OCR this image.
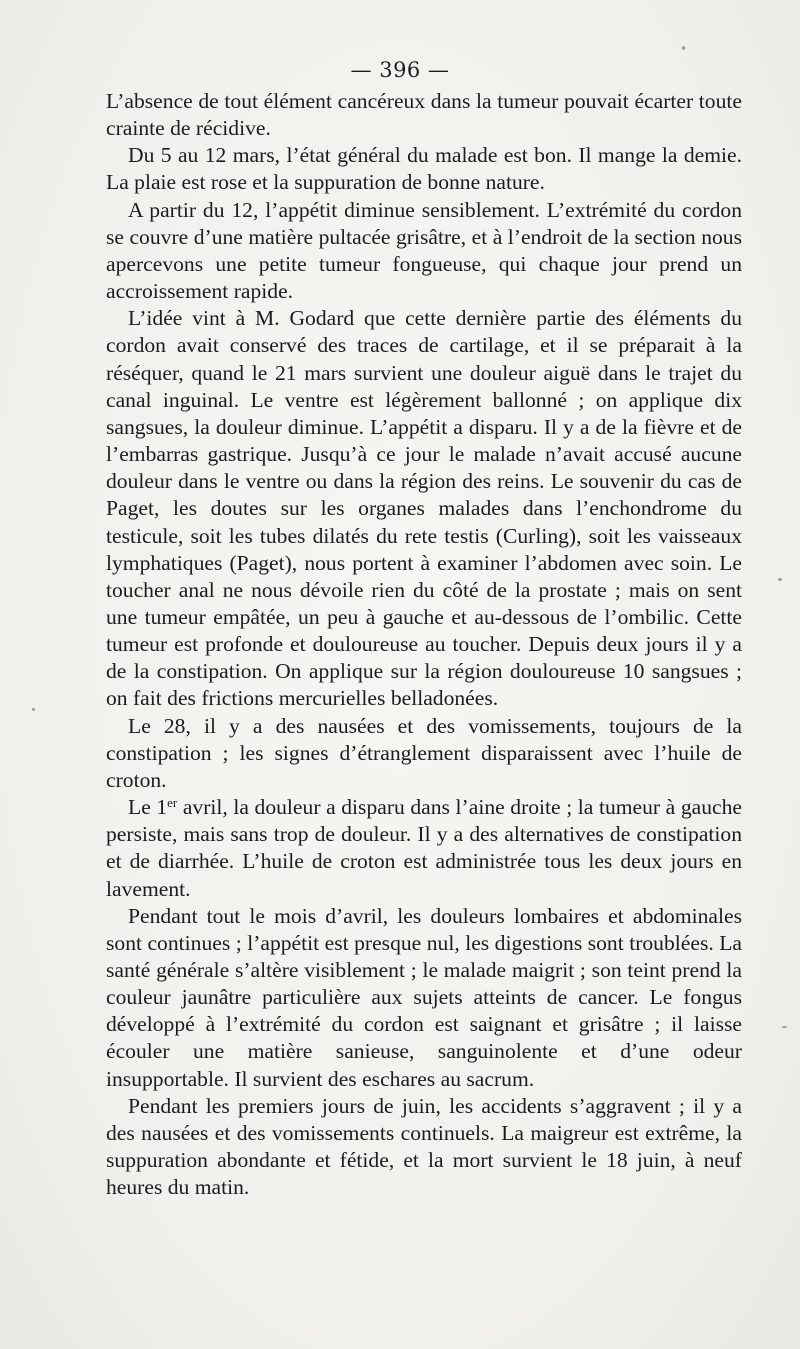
— 396 —

L’absence de tout élément cancéreux dans la tumeur pouvait écarter toute crainte de récidive.

Du 5 au 12 mars, l’état général du malade est bon. Il mange la demie. La plaie est rose et la suppuration de bonne nature.

A partir du 12, l’appétit diminue sensiblement. L’extrémité du cordon se couvre d’une matière pultacée grisâtre, et à l’endroit de la section nous apercevons une petite tumeur fongueuse, qui chaque jour prend un accroissement rapide.

L’idée vint à M. Godard que cette dernière partie des éléments du cordon avait conservé des traces de cartilage, et il se préparait à la réséquer, quand le 21 mars survient une douleur aiguë dans le trajet du canal inguinal. Le ventre est légèrement ballonné ; on applique dix sangsues, la douleur diminue. L’appétit a disparu. Il y a de la fièvre et de l’embarras gastrique. Jusqu’à ce jour le malade n’avait accusé aucune douleur dans le ventre ou dans la région des reins. Le souvenir du cas de Paget, les doutes sur les organes malades dans l’enchondrome du testicule, soit les tubes dilatés du rete testis (Curling), soit les vaisseaux lymphatiques (Paget), nous portent à examiner l’abdomen avec soin. Le toucher anal ne nous dévoile rien du côté de la prostate ; mais on sent une tumeur empâtée, un peu à gauche et au-dessous de l’ombilic. Cette tumeur est profonde et douloureuse au toucher. Depuis deux jours il y a de la constipation. On applique sur la région douloureuse 10 sangsues ; on fait des frictions mercurielles belladonées.

Le 28, il y a des nausées et des vomissements, toujours de la constipation ; les signes d’étranglement disparaissent avec l’huile de croton.

Le 1er avril, la douleur a disparu dans l’aine droite ; la tumeur à gauche persiste, mais sans trop de douleur. Il y a des alternatives de constipation et de diarrhée. L’huile de croton est administrée tous les deux jours en lavement.

Pendant tout le mois d’avril, les douleurs lombaires et abdominales sont continues ; l’appétit est presque nul, les digestions sont troublées. La santé générale s’altère visiblement ; le malade maigrit ; son teint prend la couleur jaunâtre particulière aux sujets atteints de cancer. Le fongus développé à l’extrémité du cordon est saignant et grisâtre ; il laisse écouler une matière sanieuse, sanguinolente et d’une odeur insupportable. Il survient des eschares au sacrum.

Pendant les premiers jours de juin, les accidents s’aggravent ; il y a des nausées et des vomissements continuels. La maigreur est extrême, la suppuration abondante et fétide, et la mort survient le 18 juin, à neuf heures du matin.
